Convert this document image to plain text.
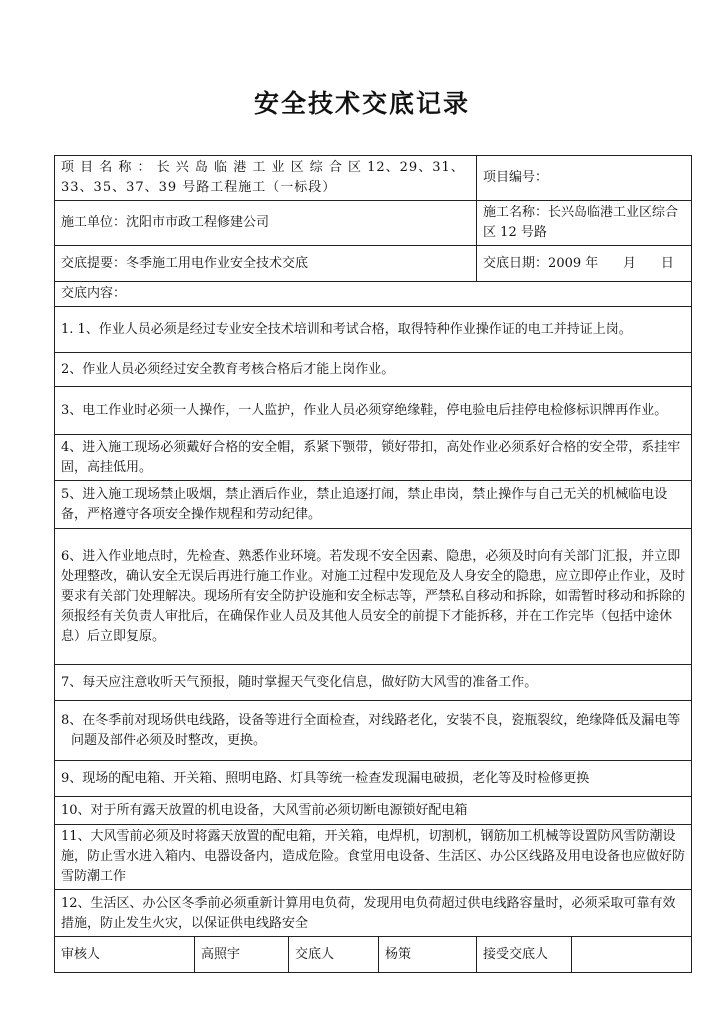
安全技术交底记录
项 目 名 称 ： 长 兴 岛 临 港 工 业 区 综 合 区 12、29、31、33、35、37、39 号路工程施工（一标段）				项目编号：	
施工单位：沈阳市市政工程修建公司				施工名称：长兴岛临港工业区综合区 12 号路	
交底提要：冬季施工用电作业安全技术交底				交底日期：2009 年      月      日	
交底内容：					
1. 1、作业人员必须是经过专业安全技术培训和考试合格，取得特种作业操作证的电工并持证上岗。					
2、作业人员必须经过安全教育考核合格后才能上岗作业。					
3、电工作业时必须一人操作，一人监护，作业人员必须穿绝缘鞋，停电验电后挂停电检修标识牌再作业。					
4、进入施工现场必须戴好合格的安全帽，系紧下颚带，锁好带扣，高处作业必须系好合格的安全带，系挂牢固，高挂低用。					
5、进入施工现场禁止吸烟，禁止酒后作业，禁止追逐打闹，禁止串岗，禁止操作与自己无关的机械临电设备，严格遵守各项安全操作规程和劳动纪律。					
6、进入作业地点时，先检查、熟悉作业环境。若发现不安全因素、隐患，必须及时向有关部门汇报，并立即处理整改，确认安全无误后再进行施工作业。对施工过程中发现危及人身安全的隐患，应立即停止作业，及时要求有关部门处理解决。现场所有安全防护设施和安全标志等，严禁私自移动和拆除，如需暂时移动和拆除的须报经有关负责人审批后，在确保作业人员及其他人员安全的前提下才能拆移，并在工作完毕（包括中途休息）后立即复原。					
7、每天应注意收听天气预报，随时掌握天气变化信息，做好防大风雪的准备工作。					
8、在冬季前对现场供电线路，设备等进行全面检查，对线路老化，安装不良，瓷瓶裂纹，绝缘降低及漏电等问题及部件必须及时整改，更换。					
9、现场的配电箱、开关箱、照明电路、灯具等统一检查发现漏电破损，老化等及时检修更换					
10、对于所有露天放置的机电设备，大风雪前必须切断电源锁好配电箱					
11、大风雪前必须及时将露天放置的配电箱，开关箱，电焊机，切割机，钢筋加工机械等设置防风雪防潮设施，防止雪水进入箱内、电器设备内，造成危险。食堂用电设备、生活区、办公区线路及用电设备也应做好防雪防潮工作					
12、生活区、办公区冬季前必须重新计算用电负荷，发现用电负荷超过供电线路容量时，必须采取可靠有效措施，防止发生火灾，以保证供电线路安全					
审核人	高照宇	交底人	杨策	接受交底人	
